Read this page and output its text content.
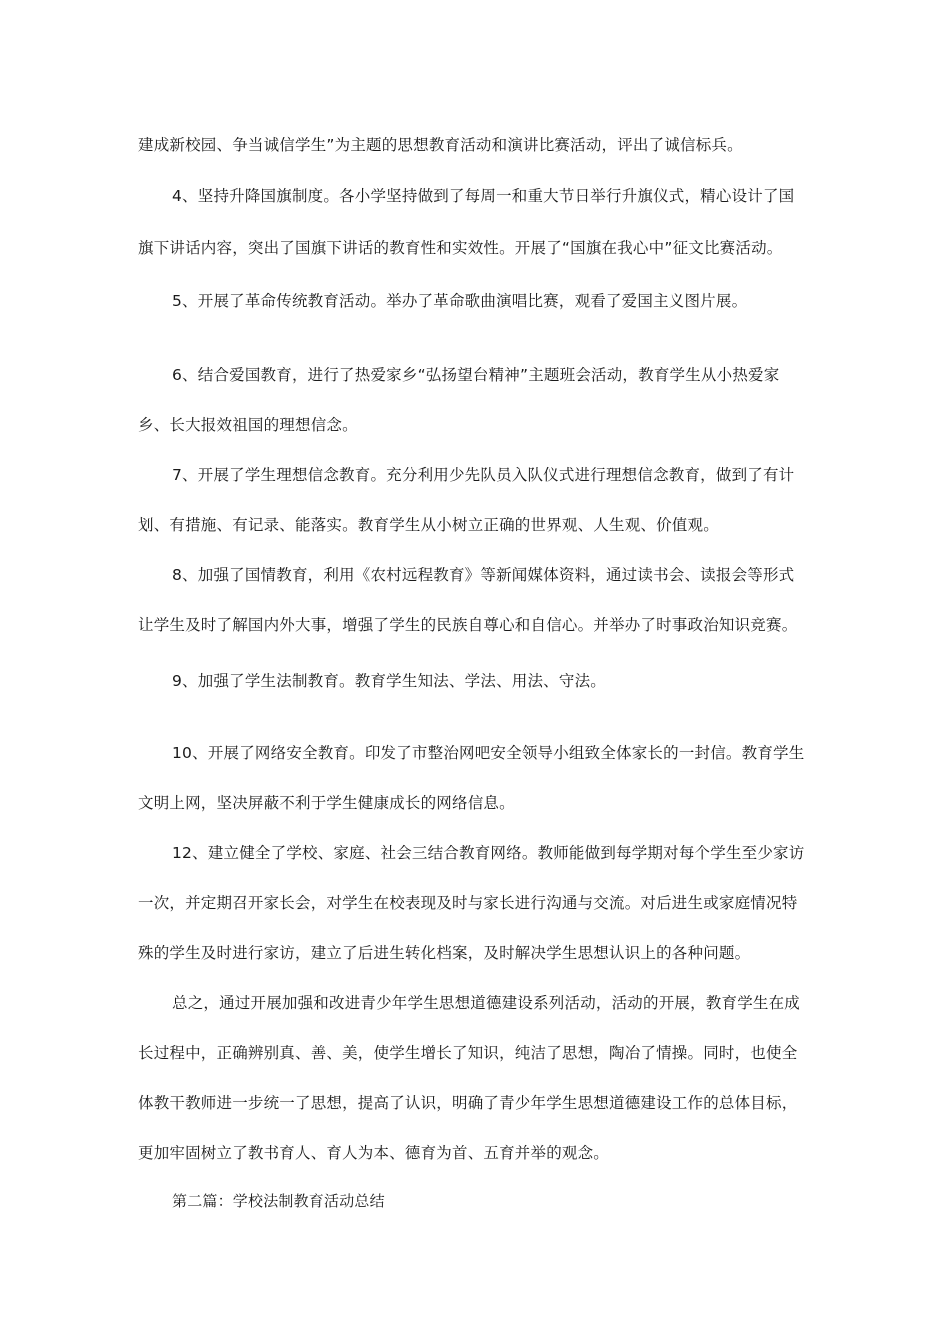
建成新校园、争当诚信学生”为主题的思想教育活动和演讲比赛活动，评出了诚信标兵。
4、坚持升降国旗制度。各小学坚持做到了每周一和重大节日举行升旗仪式，精心设计了国
旗下讲话内容，突出了国旗下讲话的教育性和实效性。开展了“国旗在我心中”征文比赛活动。
5、开展了革命传统教育活动。举办了革命歌曲演唱比赛，观看了爱国主义图片展。
6、结合爱国教育，进行了热爱家乡“弘扬望台精神”主题班会活动，教育学生从小热爱家
乡、长大报效祖国的理想信念。
7、开展了学生理想信念教育。充分利用少先队员入队仪式进行理想信念教育，做到了有计
划、有措施、有记录、能落实。教育学生从小树立正确的世界观、人生观、价值观。
8、加强了国情教育，利用《农村远程教育》等新闻媒体资料，通过读书会、读报会等形式
让学生及时了解国内外大事，增强了学生的民族自尊心和自信心。并举办了时事政治知识竞赛。
9、加强了学生法制教育。教育学生知法、学法、用法、守法。
10、开展了网络安全教育。印发了市整治网吧安全领导小组致全体家长的一封信。教育学生
文明上网，坚决屏蔽不利于学生健康成长的网络信息。
12、建立健全了学校、家庭、社会三结合教育网络。教师能做到每学期对每个学生至少家访
一次，并定期召开家长会，对学生在校表现及时与家长进行沟通与交流。对后进生或家庭情况特
殊的学生及时进行家访，建立了后进生转化档案，及时解决学生思想认识上的各种问题。
总之，通过开展加强和改进青少年学生思想道德建设系列活动，活动的开展，教育学生在成
长过程中，正确辨别真、善、美，使学生增长了知识，纯洁了思想，陶冶了情操。同时，也使全
体教干教师进一步统一了思想，提高了认识，明确了青少年学生思想道德建设工作的总体目标，
更加牢固树立了教书育人、育人为本、德育为首、五育并举的观念。
第二篇：学校法制教育活动总结
